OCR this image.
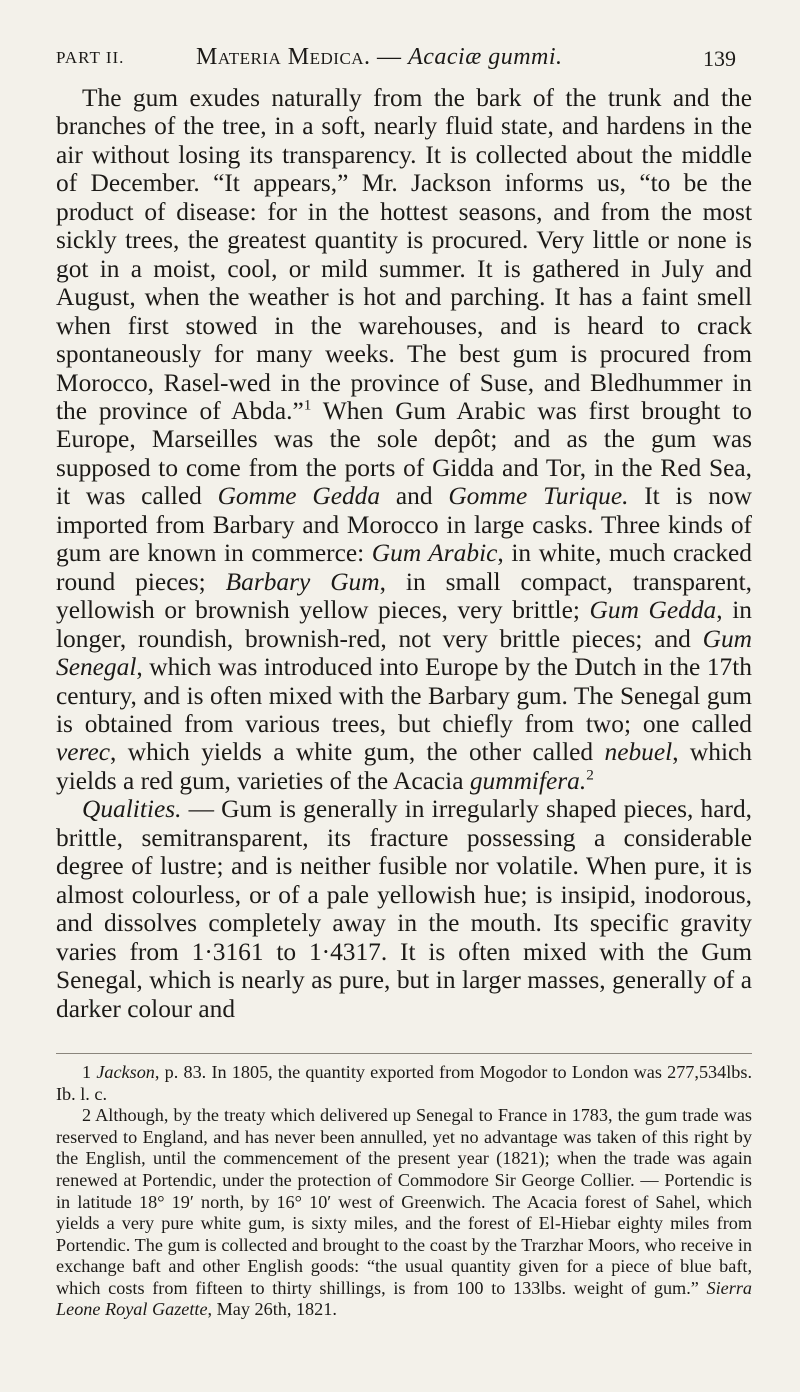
PART II.	Materia Medica. — Acaciæ gummi.	139

The gum exudes naturally from the bark of the trunk and the branches of the tree, in a soft, nearly fluid state, and hardens in the air without losing its transparency. It is collected about the middle of December. “It appears,” Mr. Jackson informs us, “to be the product of disease: for in the hottest seasons, and from the most sickly trees, the greatest quantity is procured. Very little or none is got in a moist, cool, or mild summer. It is gathered in July and August, when the weather is hot and parching. It has a faint smell when first stowed in the warehouses, and is heard to crack spontaneously for many weeks. The best gum is procured from Morocco, Rasel-wed in the province of Suse, and Bledhummer in the province of Abda.”$^1$ When Gum Arabic was first brought to Europe, Marseilles was the sole depôt; and as the gum was supposed to come from the ports of Gidda and Tor, in the Red Sea, it was called Gomme Gedda and Gomme Turique. It is now imported from Barbary and Morocco in large casks. Three kinds of gum are known in commerce: Gum Arabic, in white, much cracked round pieces; Barbary Gum, in small compact, transparent, yellowish or brownish yellow pieces, very brittle; Gum Gedda, in longer, roundish, brownish-red, not very brittle pieces; and Gum Senegal, which was introduced into Europe by the Dutch in the 17th century, and is often mixed with the Barbary gum. The Senegal gum is obtained from various trees, but chiefly from two; one called verec, which yields a white gum, the other called nebuel, which yields a red gum, varieties of the Acacia gummifera.$^2$

Qualities. — Gum is generally in irregularly shaped pieces, hard, brittle, semitransparent, its fracture possessing a considerable degree of lustre; and is neither fusible nor volatile. When pure, it is almost colourless, or of a pale yellowish hue; is insipid, inodorous, and dissolves completely away in the mouth. Its specific gravity varies from 1·3161 to 1·4317. It is often mixed with the Gum Senegal, which is nearly as pure, but in larger masses, generally of a darker colour and

1 Jackson, p. 83. In 1805, the quantity exported from Mogodor to London was 277,534lbs. Ib. l. c.

2 Although, by the treaty which delivered up Senegal to France in 1783, the gum trade was reserved to England, and has never been annulled, yet no advantage was taken of this right by the English, until the commencement of the present year (1821); when the trade was again renewed at Portendic, under the protection of Commodore Sir George Collier. — Portendic is in latitude 18° 19′ north, by 16° 10′ west of Greenwich. The Acacia forest of Sahel, which yields a very pure white gum, is sixty miles, and the forest of El-Hiebar eighty miles from Portendic. The gum is collected and brought to the coast by the Trarzhar Moors, who receive in exchange baft and other English goods: “the usual quantity given for a piece of blue baft, which costs from fifteen to thirty shillings, is from 100 to 133lbs. weight of gum.” Sierra Leone Royal Gazette, May 26th, 1821.
